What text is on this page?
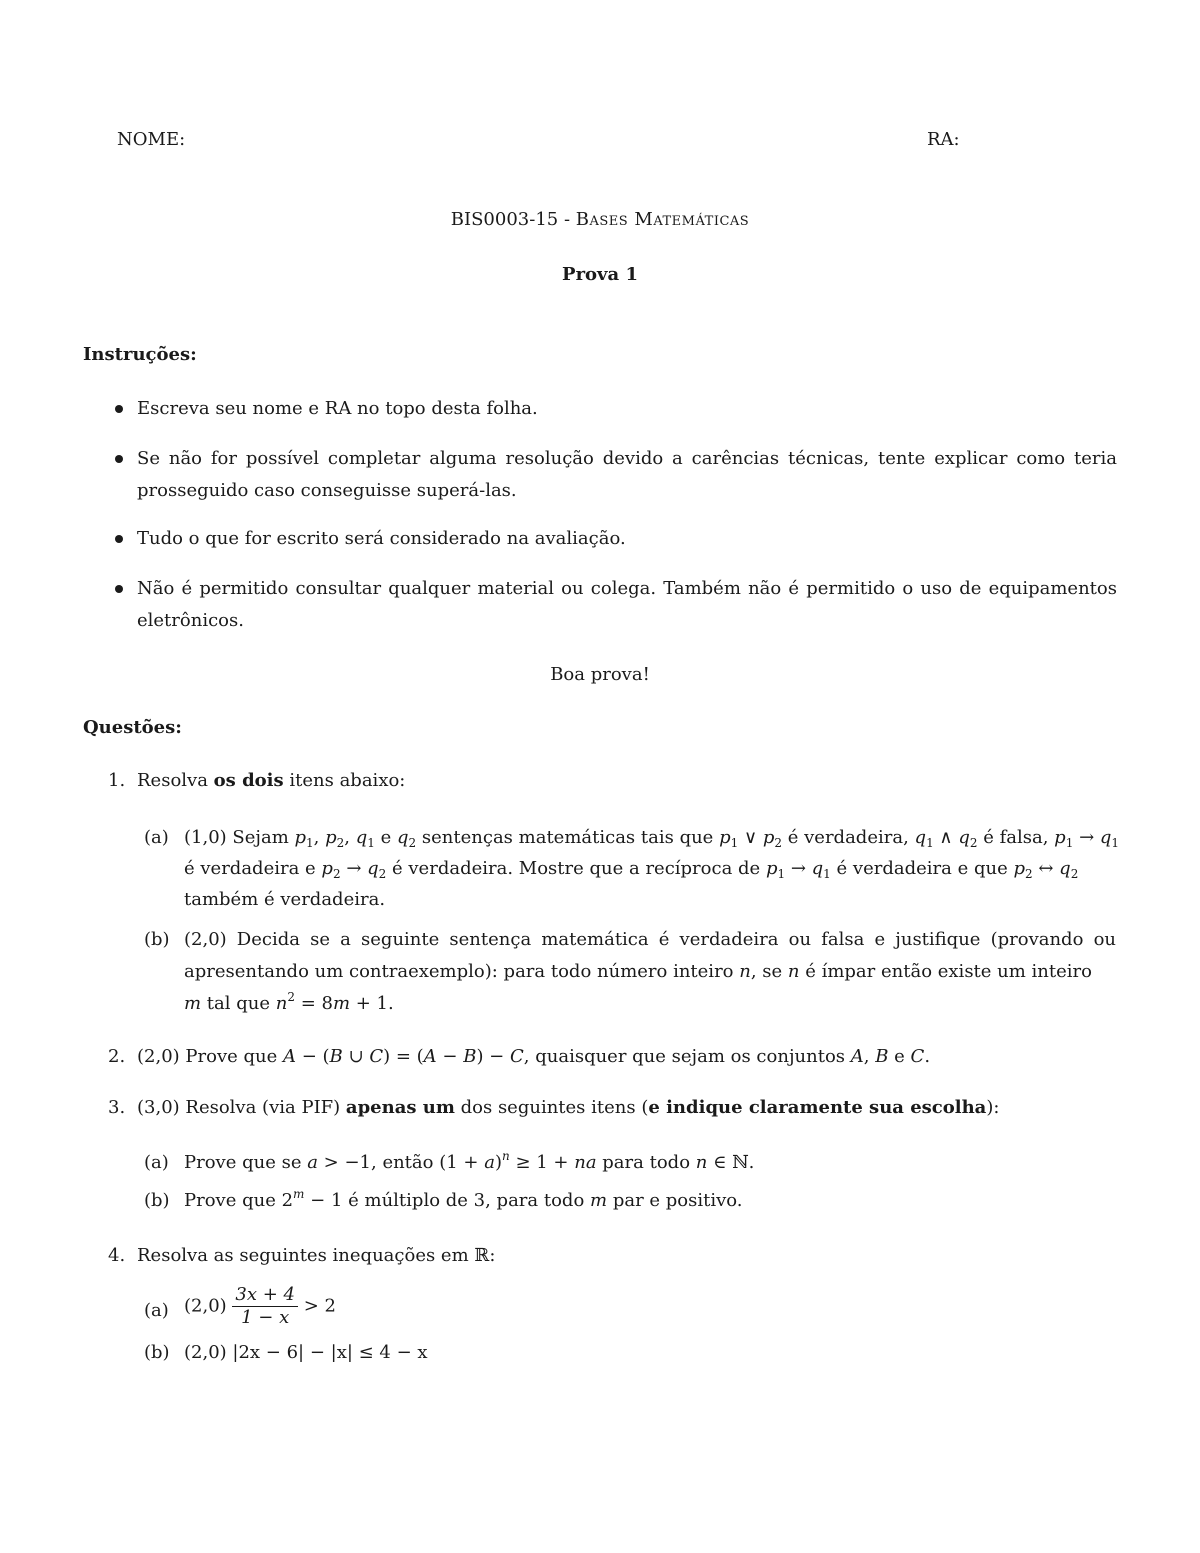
NOME:	RA:
BIS0003-15 - Bases Matemáticas
Prova 1
Instruções:
Escreva seu nome e RA no topo desta folha.
Se não for possível completar alguma resolução devido a carências técnicas, tente explicar como teria
prosseguido caso conseguisse superá-las.
Tudo o que for escrito será considerado na avaliação.
Não é permitido consultar qualquer material ou colega. Também não é permitido o uso de equipamentos
eletrônicos.
Boa prova!
Questões:
1. Resolva os dois itens abaixo:
(a) (1,0) Sejam $p_1$, $p_2$, $q_1$ e $q_2$ sentenças matemáticas tais que $p_1$ ∨ $p_2$ é verdadeira, $q_1$ ∧ $q_2$ é falsa, $p_1 \to q_1$
é verdadeira e $p_2 \to q_2$ é verdadeira. Mostre que a recíproca de $p_1 \to q_1$ é verdadeira e que $p_2$ ↔ $q_2$
também é verdadeira.
(b) (2,0) Decida se a seguinte sentença matemática é verdadeira ou falsa e justifique (provando ou
apresentando um contraexemplo): para todo número inteiro n, se n é ímpar então existe um inteiro
m tal que $n^2 = 8m + 1$.
2. (2,0) Prove que A − (B ∪ C) = (A − B) − C, quaisquer que sejam os conjuntos A, B e C.
3. (3,0) Resolva (via PIF) apenas um dos seguintes itens (e indique claramente sua escolha):
(a) Prove que se a > −1, então $(1 + a)^n \ge 1$ + na para todo n ∈ ℕ.
(b) Prove que $2^m - 1$ é múltiplo de 3, para todo m par e positivo.
4. Resolva as seguintes inequações em ℝ:
(a) $(2,0) \frac{3x + 4}{1 - x} > 2$
(b) (2,0) |2x − 6| − |x| ≤ 4 − x
